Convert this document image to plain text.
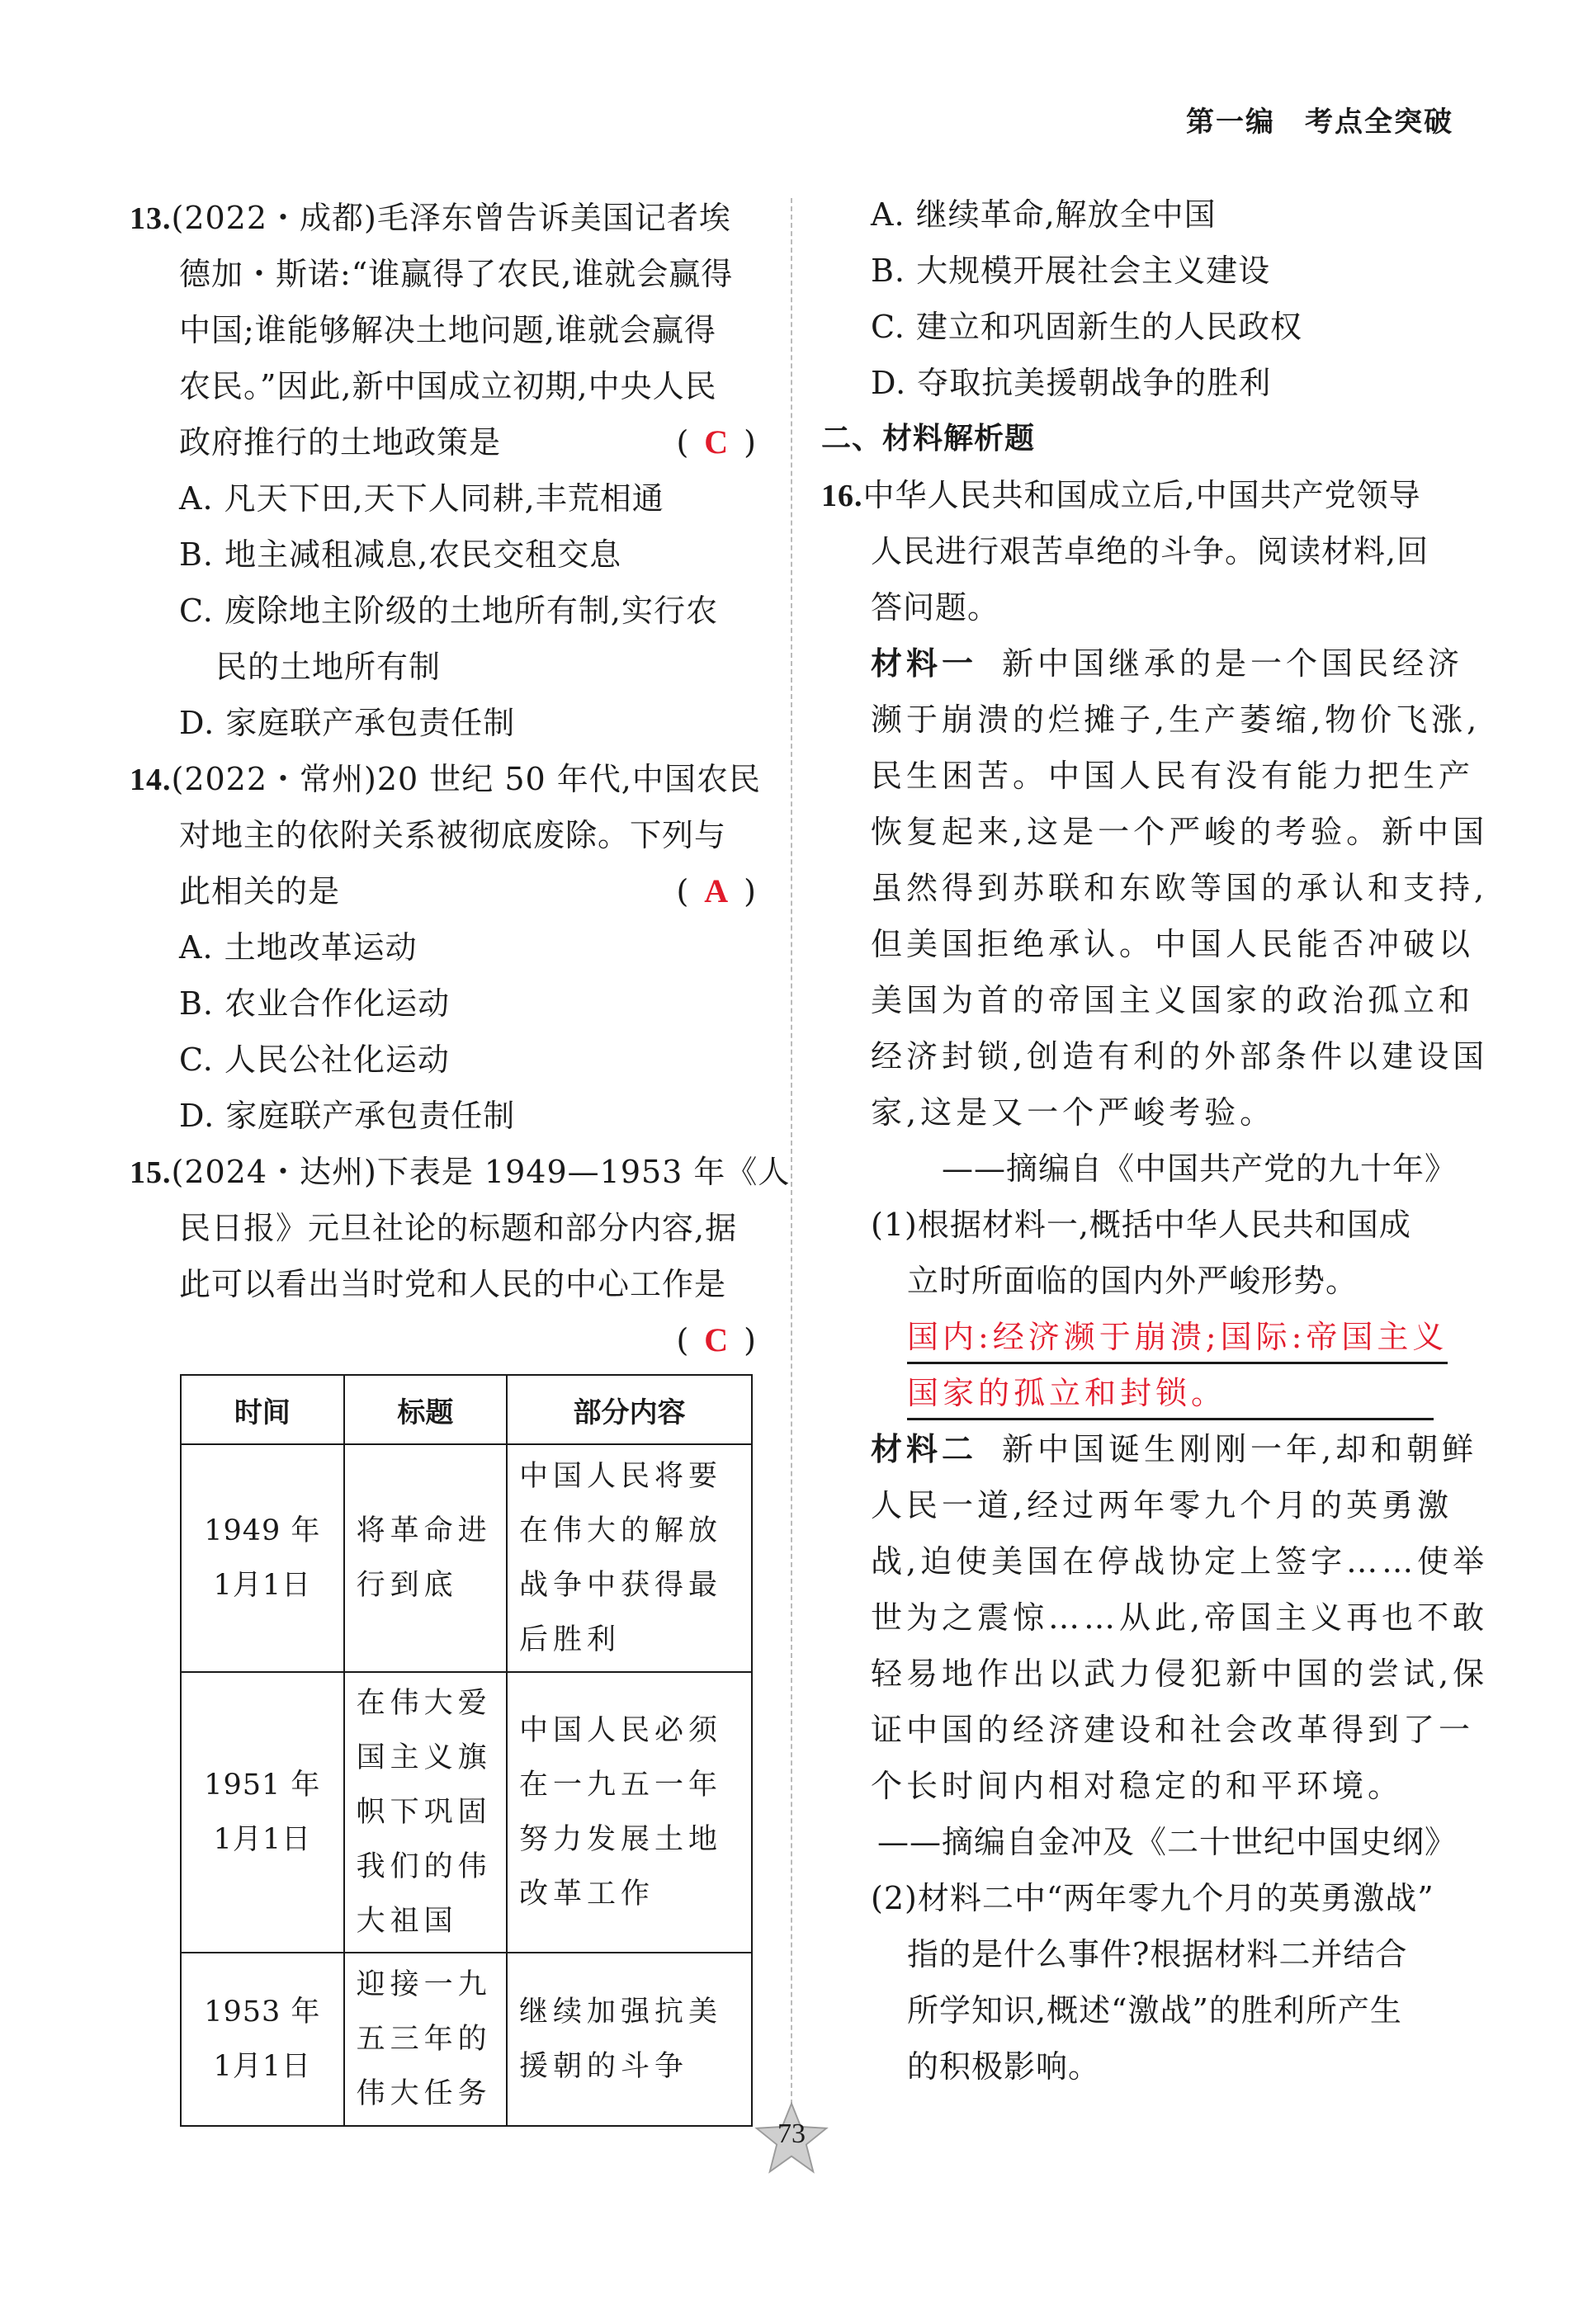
第一编 考点全突破
13.(2022・成都)毛泽东曾告诉美国记者埃
德加・斯诺:“谁赢得了农民,谁就会赢得
中国;谁能够解决土地问题,谁就会赢得
农民。”因此,新中国成立初期,中央人民
政府推行的土地政策是	( C )
A. 凡天下田,天下人同耕,丰荒相通
B. 地主减租减息,农民交租交息
C. 废除地主阶级的土地所有制,实行农
民的土地所有制
D. 家庭联产承包责任制
14.(2022・常州)20 世纪 50 年代,中国农民
对地主的依附关系被彻底废除。下列与
此相关的是	( A )
A. 土地改革运动
B. 农业合作化运动
C. 人民公社化运动
D. 家庭联产承包责任制
15.(2024・达州)下表是 1949—1953 年《人
民日报》元旦社论的标题和部分内容,据
此可以看出当时党和人民的中心工作是
( C )
时间	标题	部分内容

1949 年
1月1日	将革命进行到底	中国人民将要在伟大的解放战争中获得最后胜利

1951 年
1月1日	在伟大爱国主义旗帜下巩固我们的伟大祖国	中国人民必须在一九五一年努力发展土地改革工作

1953 年
1月1日	迎接一九五三年的伟大任务	继续加强抗美援朝的斗争
A. 继续革命,解放全中国
B. 大规模开展社会主义建设
C. 建立和巩固新生的人民政权
D. 夺取抗美援朝战争的胜利
二、材料解析题
16.中华人民共和国成立后,中国共产党领导
人民进行艰苦卓绝的斗争。阅读材料,回
答问题。
材料一 新中国继承的是一个国民经济
濒于崩溃的烂摊子,生产萎缩,物价飞涨,
民生困苦。中国人民有没有能力把生产
恢复起来,这是一个严峻的考验。新中国
虽然得到苏联和东欧等国的承认和支持,
但美国拒绝承认。中国人民能否冲破以
美国为首的帝国主义国家的政治孤立和
经济封锁,创造有利的外部条件以建设国
家,这是又一个严峻考验。
——摘编自《中国共产党的九十年》
(1)根据材料一,概括中华人民共和国成
立时所面临的国内外严峻形势。
国内:经济濒于崩溃;国际:帝国主义
国家的孤立和封锁。
材料二 新中国诞生刚刚一年,却和朝鲜
人民一道,经过两年零九个月的英勇激
战,迫使美国在停战协定上签字……使举
世为之震惊……从此,帝国主义再也不敢
轻易地作出以武力侵犯新中国的尝试,保
证中国的经济建设和社会改革得到了一
个长时间内相对稳定的和平环境。
——摘编自金冲及《二十世纪中国史纲》
(2)材料二中“两年零九个月的英勇激战”
指的是什么事件?根据材料二并结合
所学知识,概述“激战”的胜利所产生
的积极影响。
73
